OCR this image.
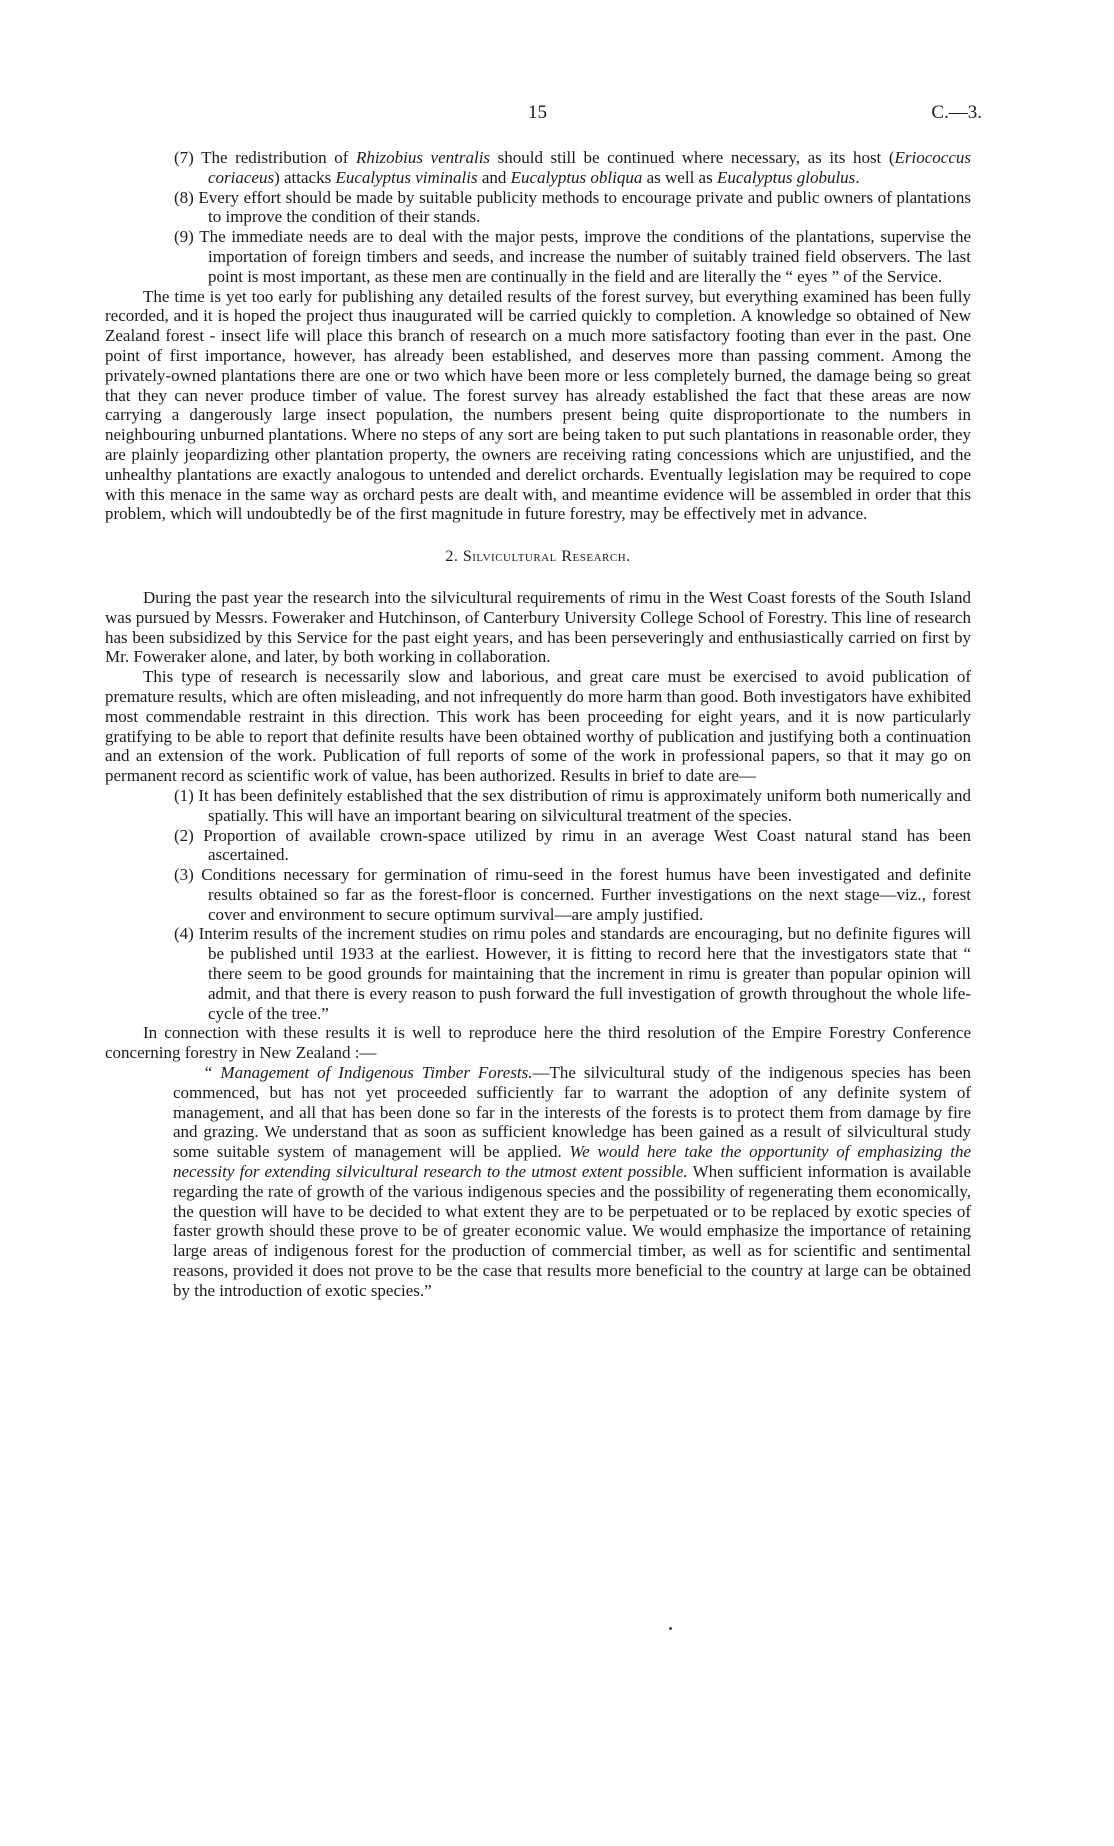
15	C.—3.

(7) The redistribution of Rhizobius ventralis should still be continued where necessary, as its host (Eriococcus coriaceus) attacks Eucalyptus viminalis and Eucalyptus obliqua as well as Eucalyptus globulus.

(8) Every effort should be made by suitable publicity methods to encourage private and public owners of plantations to improve the condition of their stands.

(9) The immediate needs are to deal with the major pests, improve the conditions of the plantations, supervise the importation of foreign timbers and seeds, and increase the number of suitably trained field observers. The last point is most important, as these men are continually in the field and are literally the “ eyes ” of the Service.

The time is yet too early for publishing any detailed results of the forest survey, but everything examined has been fully recorded, and it is hoped the project thus inaugurated will be carried quickly to completion. A knowledge so obtained of New Zealand forest - insect life will place this branch of research on a much more satisfactory footing than ever in the past. One point of first importance, however, has already been established, and deserves more than passing comment. Among the privately-owned plantations there are one or two which have been more or less completely burned, the damage being so great that they can never produce timber of value. The forest survey has already established the fact that these areas are now carrying a dangerously large insect population, the numbers present being quite disproportionate to the numbers in neighbouring unburned plantations. Where no steps of any sort are being taken to put such plantations in reasonable order, they are plainly jeopardizing other plantation property, the owners are receiving rating concessions which are unjustified, and the unhealthy plantations are exactly analogous to untended and derelict orchards. Eventually legislation may be required to cope with this menace in the same way as orchard pests are dealt with, and meantime evidence will be assembled in order that this problem, which will undoubtedly be of the first magnitude in future forestry, may be effectively met in advance.

2. Silvicultural Research.

During the past year the research into the silvicultural requirements of rimu in the West Coast forests of the South Island was pursued by Messrs. Foweraker and Hutchinson, of Canterbury University College School of Forestry. This line of research has been subsidized by this Service for the past eight years, and has been perseveringly and enthusiastically carried on first by Mr. Foweraker alone, and later, by both working in collaboration.

This type of research is necessarily slow and laborious, and great care must be exercised to avoid publication of premature results, which are often misleading, and not infrequently do more harm than good. Both investigators have exhibited most commendable restraint in this direction. This work has been proceeding for eight years, and it is now particularly gratifying to be able to report that definite results have been obtained worthy of publication and justifying both a continuation and an extension of the work. Publication of full reports of some of the work in professional papers, so that it may go on permanent record as scientific work of value, has been authorized. Results in brief to date are—

(1) It has been definitely established that the sex distribution of rimu is approximately uniform both numerically and spatially. This will have an important bearing on silvicultural treatment of the species.

(2) Proportion of available crown-space utilized by rimu in an average West Coast natural stand has been ascertained.

(3) Conditions necessary for germination of rimu-seed in the forest humus have been investigated and definite results obtained so far as the forest-floor is concerned. Further investigations on the next stage—viz., forest cover and environment to secure optimum survival—are amply justified.

(4) Interim results of the increment studies on rimu poles and standards are encouraging, but no definite figures will be published until 1933 at the earliest. However, it is fitting to record here that the investigators state that “ there seem to be good grounds for maintaining that the increment in rimu is greater than popular opinion will admit, and that there is every reason to push forward the full investigation of growth throughout the whole life-cycle of the tree.”

In connection with these results it is well to reproduce here the third resolution of the Empire Forestry Conference concerning forestry in New Zealand :—

“ Management of Indigenous Timber Forests.—The silvicultural study of the indigenous species has been commenced, but has not yet proceeded sufficiently far to warrant the adoption of any definite system of management, and all that has been done so far in the interests of the forests is to protect them from damage by fire and grazing. We understand that as soon as sufficient knowledge has been gained as a result of silvicultural study some suitable system of management will be applied. We would here take the opportunity of emphasizing the necessity for extending silvicultural research to the utmost extent possible. When sufficient information is available regarding the rate of growth of the various indigenous species and the possibility of regenerating them economically, the question will have to be decided to what extent they are to be perpetuated or to be replaced by exotic species of faster growth should these prove to be of greater economic value. We would emphasize the importance of retaining large areas of indigenous forest for the production of commercial timber, as well as for scientific and sentimental reasons, provided it does not prove to be the case that results more beneficial to the country at large can be obtained by the introduction of exotic species.”
